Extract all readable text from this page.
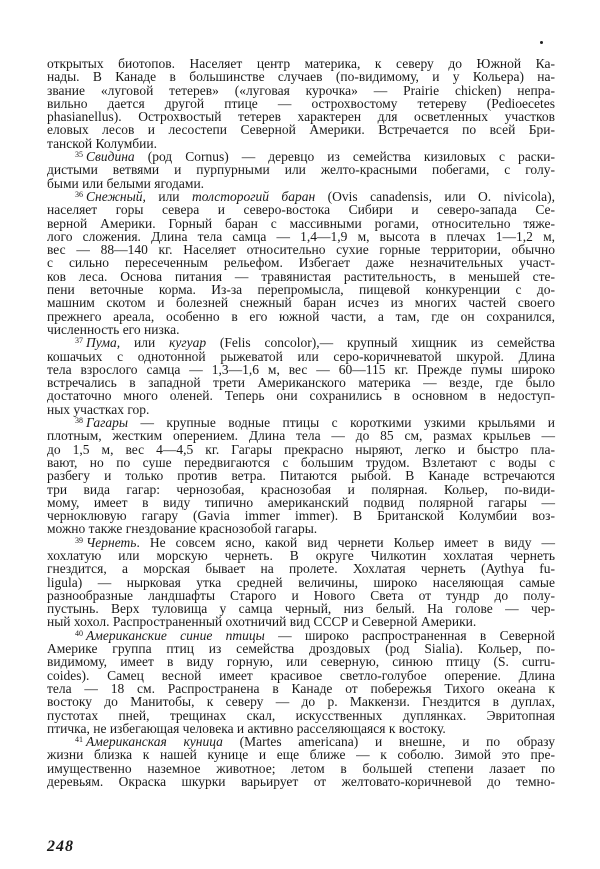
открытых биотопов. Населяет центр материка, к северу до Южной Ка-
нады. В Канаде в большинстве случаев (по-видимому, и у Кольера) на-
звание «луговой тетерев» («луговая курочка» — Prairie chicken) непра-
вильно дается другой птице — острохвостому тетереву (Pedioecetes
phasianellus). Острохвостый тетерев характерен для осветленных участков
еловых лесов и лесостепи Северной Америки. Встречается по всей Бри-
танской Колумбии.
$^{35}$ Свидина (род Cornus) — деревцо из семейства кизиловых с раски-
дистыми ветвями и пурпурными или желто-красными побегами, с голу-
быми или белыми ягодами.
$^{36}$ Снежный, или толсторогий баран (Ovis canadensis, или O. nivicola),
населяет горы севера и северо-востока Сибири и северо-запада Се-
верной Америки. Горный баран с массивными рогами, относительно тяже-
лого сложения. Длина тела самца — 1,4—1,9 м, высота в плечах 1—1,2 м,
вес — 88—140 кг. Населяет относительно сухие горные территории, обычно
с сильно пересеченным рельефом. Избегает даже незначительных участ-
ков леса. Основа питания — травянистая растительность, в меньшей сте-
пени веточные корма. Из-за перепромысла, пищевой конкуренции с до-
машним скотом и болезней снежный баран исчез из многих частей своего
прежнего ареала, особенно в его южной части, а там, где он сохранился,
численность его низка.
$^{37}$ Пума, или кугуар (Felis concolor),— крупный хищник из семейства
кошачьих с однотонной рыжеватой или серо-коричневатой шкурой. Длина
тела взрослого самца — 1,3—1,6 м, вес — 60—115 кг. Прежде пумы широко
встречались в западной трети Американского материка — везде, где было
достаточно много оленей. Теперь они сохранились в основном в недоступ-
ных участках гор.
$^{38}$ Гагары — крупные водные птицы с короткими узкими крыльями и
плотным, жестким оперением. Длина тела — до 85 см, размах крыльев —
до 1,5 м, вес 4—4,5 кг. Гагары прекрасно ныряют, легко и быстро пла-
вают, но по суше передвигаются с большим трудом. Взлетают с воды с
разбегу и только против ветра. Питаются рыбой. В Канаде встречаются
три вида гагар: чернозобая, краснозобая и полярная. Кольер, по-види-
мому, имеет в виду типично американский подвид полярной гагары —
черноклювую гагару (Gavia immer immer). В Британской Колумбии воз-
можно также гнездование краснозобой гагары.
$^{39}$ Чернеть. Не совсем ясно, какой вид чернети Кольер имеет в виду —
хохлатую или морскую чернеть. В округе Чилкотин хохлатая чернеть
гнездится, а морская бывает на пролете. Хохлатая чернеть (Aythya fu-
ligula) — нырковая утка средней величины, широко населяющая самые
разнообразные ландшафты Старого и Нового Света от тундр до полу-
пустынь. Верх туловища у самца черный, низ белый. На голове — чер-
ный хохол. Распространенный охотничий вид СССР и Северной Америки.
$^{40}$ Американские синие птицы — широко распространенная в Северной
Америке группа птиц из семейства дроздовых (род Sialia). Кольер, по-
видимому, имеет в виду горную, или северную, синюю птицу (S. curru-
coides). Самец весной имеет красивое светло-голубое оперение. Длина
тела — 18 см. Распространена в Канаде от побережья Тихого океана к
востоку до Манитобы, к северу — до р. Маккензи. Гнездится в дуплах,
пустотах пней, трещинах скал, искусственных дуплянках. Эвритопная
птичка, не избегающая человека и активно расселяющаяся к востоку.
$^{41}$ Американская куница (Martes americana) и внешне, и по образу
жизни близка к нашей кунице и еще ближе — к соболю. Зимой это пре-
имущественно наземное животное; летом в большей степени лазает по
деревьям. Окраска шкурки варьирует от желтовато-коричневой до темно-
248
